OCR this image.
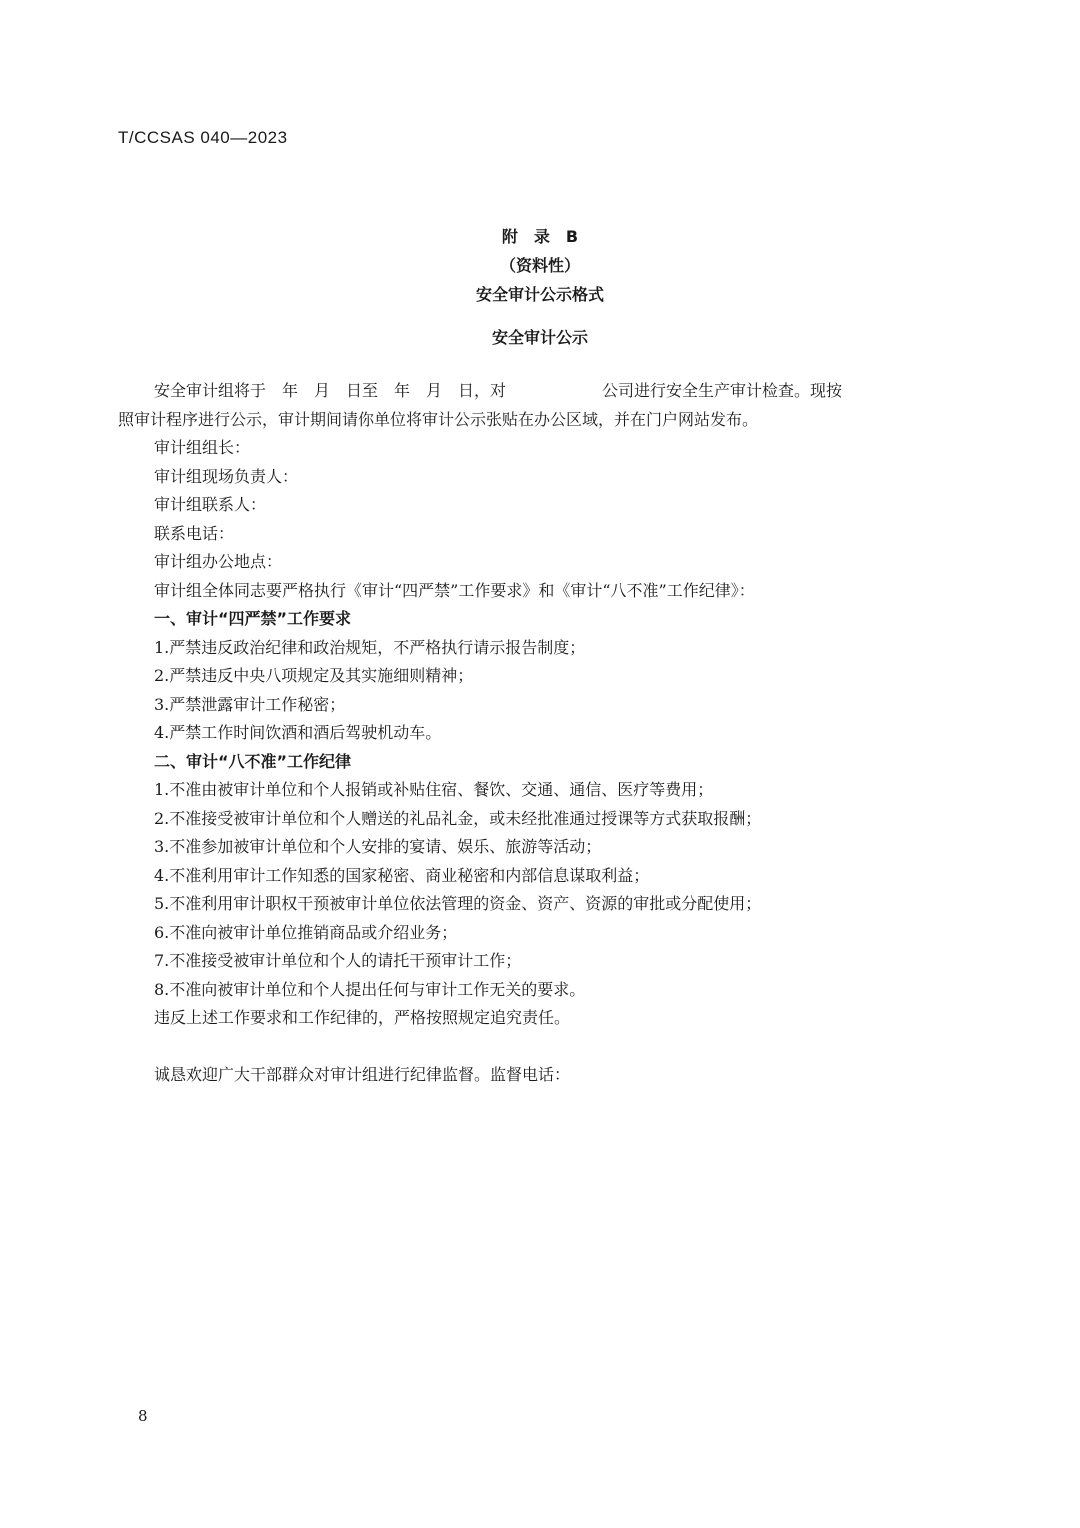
T/CCSAS 040—2023
附　录　B
（资料性）
安全审计公示格式
安全审计公示

安全审计组将于　年　月　日至　年　月　日，对　　　　　　公司进行安全生产审计检查。现按

照审计程序进行公示，审计期间请你单位将审计公示张贴在办公区域，并在门户网站发布。

审计组组长：

审计组现场负责人：

审计组联系人：

联系电话：

审计组办公地点：

审计组全体同志要严格执行《审计“四严禁”工作要求》和《审计“八不准”工作纪律》：

一、审计“四严禁”工作要求

1.严禁违反政治纪律和政治规矩，不严格执行请示报告制度；

2.严禁违反中央八项规定及其实施细则精神；

3.严禁泄露审计工作秘密；

4.严禁工作时间饮酒和酒后驾驶机动车。

二、审计“八不准”工作纪律

1.不准由被审计单位和个人报销或补贴住宿、餐饮、交通、通信、医疗等费用；

2.不准接受被审计单位和个人赠送的礼品礼金，或未经批准通过授课等方式获取报酬；

3.不准参加被审计单位和个人安排的宴请、娱乐、旅游等活动；

4.不准利用审计工作知悉的国家秘密、商业秘密和内部信息谋取利益；

5.不准利用审计职权干预被审计单位依法管理的资金、资产、资源的审批或分配使用；

6.不准向被审计单位推销商品或介绍业务；

7.不准接受被审计单位和个人的请托干预审计工作；

8.不准向被审计单位和个人提出任何与审计工作无关的要求。

违反上述工作要求和工作纪律的，严格按照规定追究责任。

诚恳欢迎广大干部群众对审计组进行纪律监督。监督电话：

8
